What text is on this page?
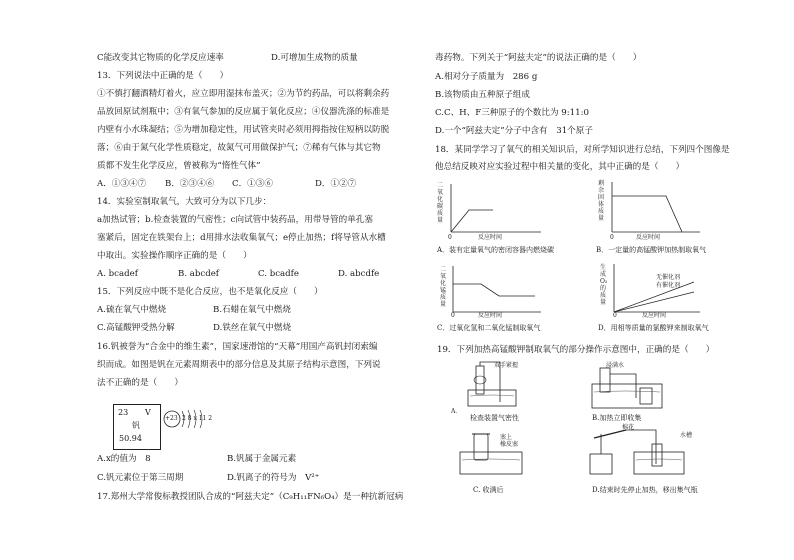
C能改变其它物质的化学反应速率	D.可增加生成物的质量
13．下列说法中正确的是（　　）
①不慎打翻酒精灯着火，应立即用湿抹布盖灭；②为节约药品，可以将剩余药
品放回原试剂瓶中；③有氧气参加的反应属于氧化反应；④仪器洗涤的标准是
内壁有小水珠凝结；⑤为增加稳定性，用试管夹时必须用拇指按住短柄以防脱
落；⑥由于氮气化学性质稳定，故氮气可用做保护气；⑦稀有气体与其它物
质都不发生化学反应，曾被称为“惰性气体”
A．①③④⑦ B．②③④⑥ C．①③⑥	D．①②⑦
14．实验室制取氧气，大致可分为以下几步：
a加热试管；b.检查装置的气密性；c向试管中装药品，用带导管的单孔塞
塞紧后，固定在铁架台上；d用排水法收集氧气；e停止加热；f将导管从水槽
中取出。实验操作顺序正确的是（　　）
A. bcadef	B. abcdef	C. bcadfe	D. abcdfe
15．下列反应中既不是化合反应，也不是氧化反应（　　）
A.硫在氧气中燃烧	B.石蜡在氧气中燃烧
C.高锰酸钾受热分解	D.铁丝在氧气中燃烧
16.钒被誉为“合金中的维生素”，国家速滑馆的“天幕”用国产高钒封闭索编
织而成。如图是钒在元素周期表中的部分信息及其原子结构示意图，下列说
法不正确的是（　　）
23 V
钒
50.94
+23 2 8 x 11 2
A.x的值为　8	B.钒属于金属元素
C.钒元素位于第三周期	D.钒离子的符号为　V²⁺
17.郑州大学常俊标教授团队合成的“阿兹夫定”（C₉H₁₁FN₆O₄）是一种抗新冠病
毒药物。下列关于“阿兹夫定”的说法正确的是（　　）
A.相对分子质量为　286 g
B.该物质由五种原子组成
C.C、H、F三种原子的个数比为 9:11:0
D.一个“阿兹夫定”分子中含有　31个原子
18．某同学学习了氧气的相关知识后，对所学知识进行总结，下列四个图像是
他总结反映对应实验过程中相关量的变化，其中正确的是（　　）
二氧化碳质量
0	反应时间
A．装有定量氧气的密闭容器内燃烧碳
剩余固体质量
0	反应时间
B．一定量的高锰酸钾加热制取氧气
二氧化锰质量
0	反应时间
C．过氧化氢和二氧化锰制取氧气
生成O₂的质量
无催化剂
有催化剂
0	反应时间
D．用相等质量的氯酸钾来制取氧气
19．下列加热高锰酸钾制取氧气的部分操作示意图中，正确的是（　　）
双手紧握
A．
检查装置气密性
浸满水
B.加热立即收集
塞上
橡皮塞
C. 收满后
棉花
水槽
D.结束时先停止加热，移出集气瓶
